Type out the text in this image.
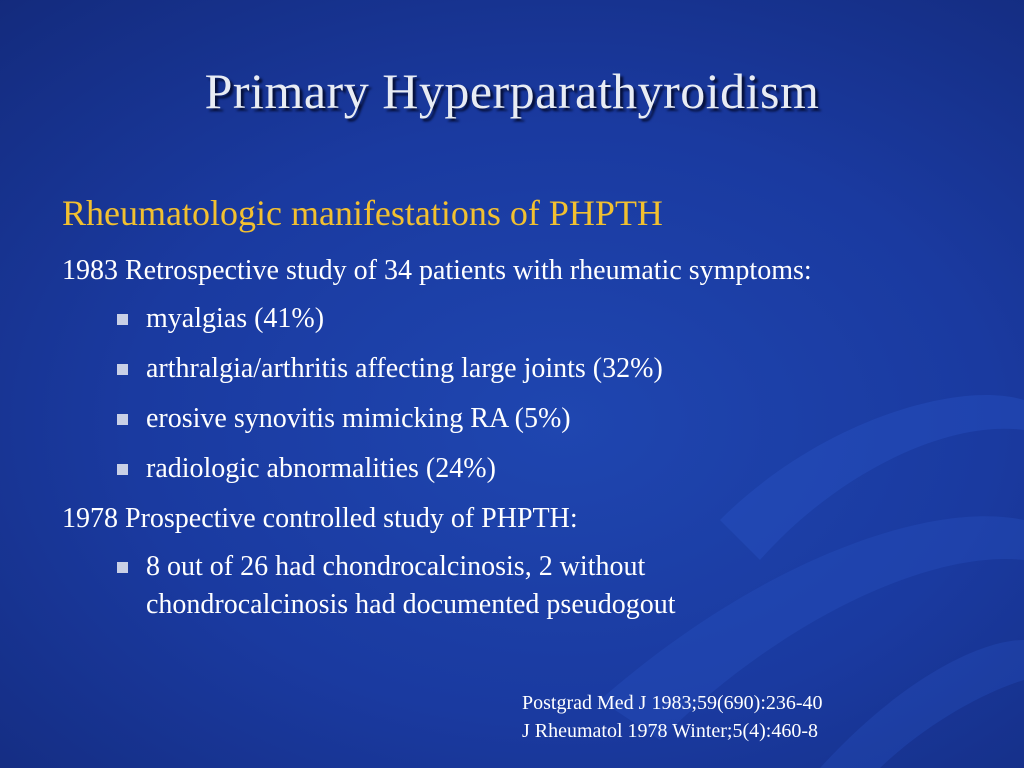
Primary Hyperparathyroidism
Rheumatologic manifestations of PHPTH
1983 Retrospective study of 34 patients with rheumatic symptoms:
myalgias (41%)
arthralgia/arthritis affecting large joints (32%)
erosive synovitis mimicking RA (5%)
radiologic abnormalities (24%)
1978 Prospective controlled study of PHPTH:
8 out of 26 had chondrocalcinosis, 2 without chondrocalcinosis had documented pseudogout
Postgrad Med J 1983;59(690):236-40
J Rheumatol 1978 Winter;5(4):460-8
